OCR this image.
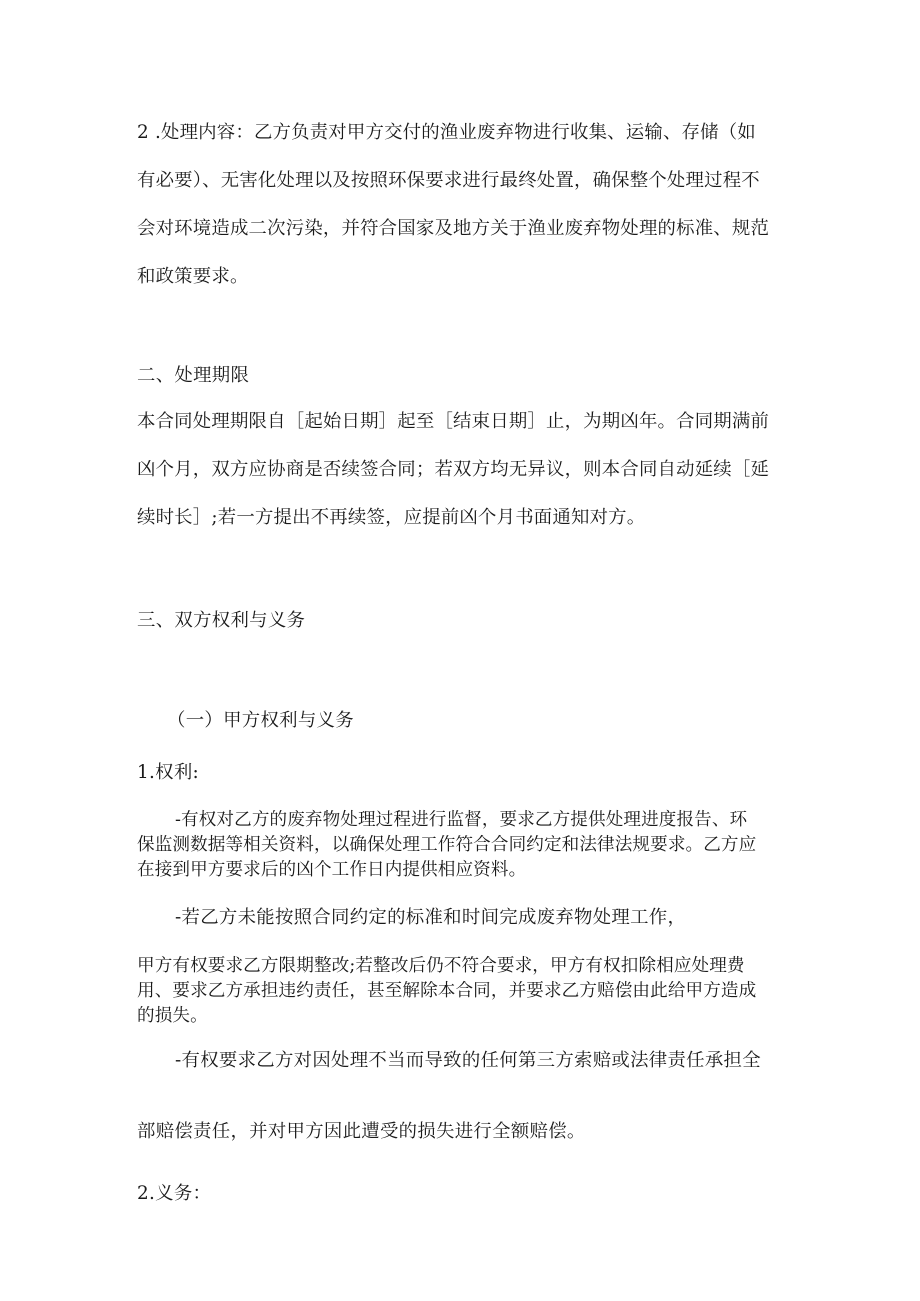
2 .处理内容：乙方负责对甲方交付的渔业废弃物进行收集、运输、存储（如
有必要）、无害化处理以及按照环保要求进行最终处置，确保整个处理过程不
会对环境造成二次污染，并符合国家及地方关于渔业废弃物处理的标准、规范
和政策要求。
二、处理期限
本合同处理期限自［起始日期］起至［结束日期］止，为期凶年。合同期满前
凶个月，双方应协商是否续签合同；若双方均无异议，则本合同自动延续［延
续时长］;若一方提出不再续签，应提前凶个月书面通知对方。
三、双方权利与义务
（一）甲方权利与义务
1.权利:
-有权对乙方的废弃物处理过程进行监督，要求乙方提供处理进度报告、环
保监测数据等相关资料，以确保处理工作符合合同约定和法律法规要求。乙方应
在接到甲方要求后的凶个工作日内提供相应资料。
-若乙方未能按照合同约定的标准和时间完成废弃物处理工作，
甲方有权要求乙方限期整改;若整改后仍不符合要求，甲方有权扣除相应处理费
用、要求乙方承担违约责任，甚至解除本合同，并要求乙方赔偿由此给甲方造成
的损失。
-有权要求乙方对因处理不当而导致的任何第三方索赔或法律责任承担全
部赔偿责任，并对甲方因此遭受的损失进行全额赔偿。
2.义务：
